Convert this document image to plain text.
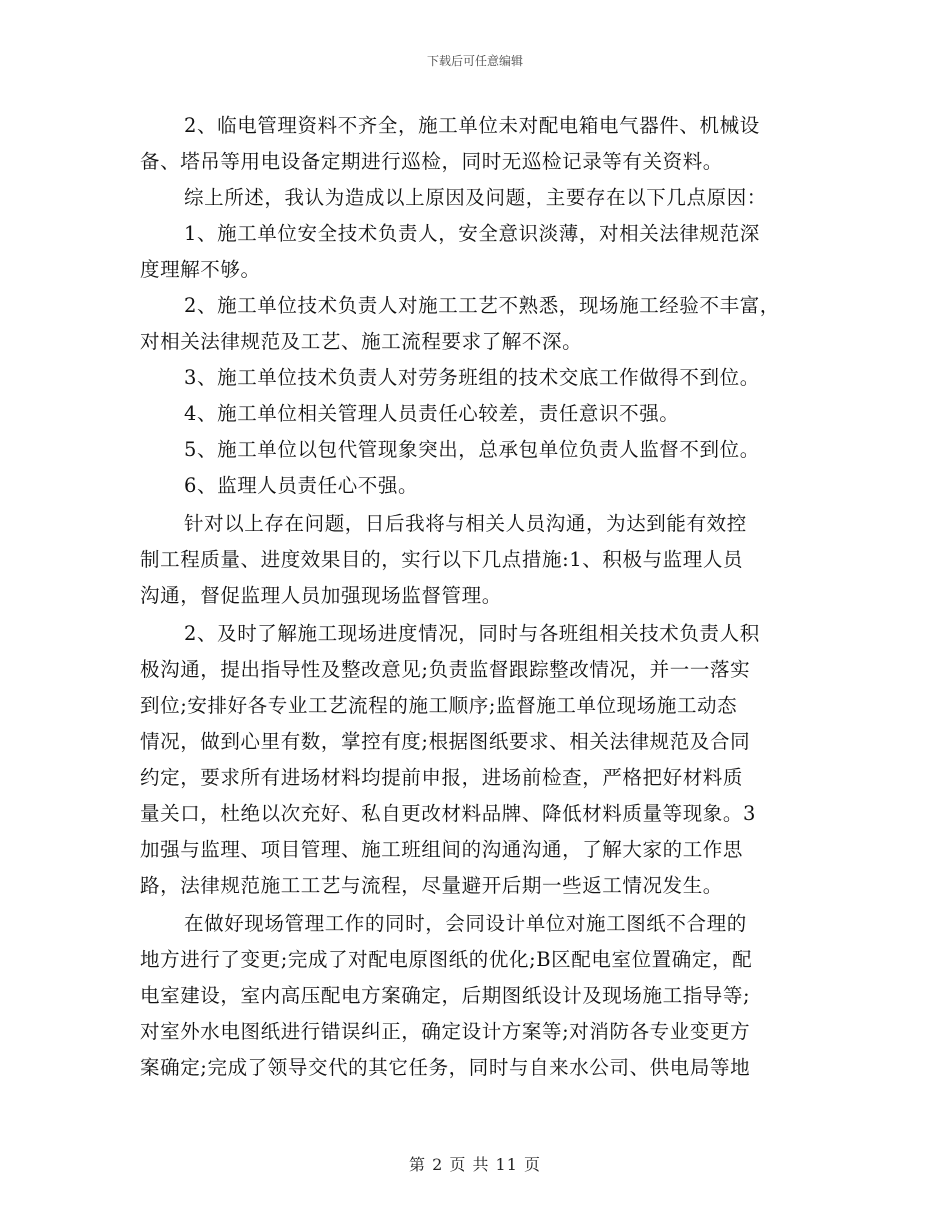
下载后可任意编辑
2、临电管理资料不齐全，施工单位未对配电箱电气器件、机械设
备、塔吊等用电设备定期进行巡检，同时无巡检记录等有关资料。
综上所述，我认为造成以上原因及问题，主要存在以下几点原因：
1、施工单位安全技术负责人，安全意识淡薄，对相关法律规范深
度理解不够。
2、施工单位技术负责人对施工工艺不熟悉，现场施工经验不丰富，
对相关法律规范及工艺、施工流程要求了解不深。
3、施工单位技术负责人对劳务班组的技术交底工作做得不到位。
4、施工单位相关管理人员责任心较差，责任意识不强。
5、施工单位以包代管现象突出，总承包单位负责人监督不到位。
6、监理人员责任心不强。
针对以上存在问题，日后我将与相关人员沟通，为达到能有效控
制工程质量、进度效果目的，实行以下几点措施:1、积极与监理人员
沟通，督促监理人员加强现场监督管理。
2、及时了解施工现场进度情况，同时与各班组相关技术负责人积
极沟通，提出指导性及整改意见;负责监督跟踪整改情况，并一一落实
到位;安排好各专业工艺流程的施工顺序;监督施工单位现场施工动态
情况，做到心里有数，掌控有度;根据图纸要求、相关法律规范及合同
约定，要求所有进场材料均提前申报，进场前检查，严格把好材料质
量关口，杜绝以次充好、私自更改材料品牌、降低材料质量等现象。3
加强与监理、项目管理、施工班组间的沟通沟通，了解大家的工作思
路，法律规范施工工艺与流程，尽量避开后期一些返工情况发生。
在做好现场管理工作的同时，会同设计单位对施工图纸不合理的
地方进行了变更;完成了对配电原图纸的优化;B区配电室位置确定，配
电室建设，室内高压配电方案确定，后期图纸设计及现场施工指导等;
对室外水电图纸进行错误纠正，确定设计方案等;对消防各专业变更方
案确定;完成了领导交代的其它任务，同时与自来水公司、供电局等地
第 2 页 共 11 页
